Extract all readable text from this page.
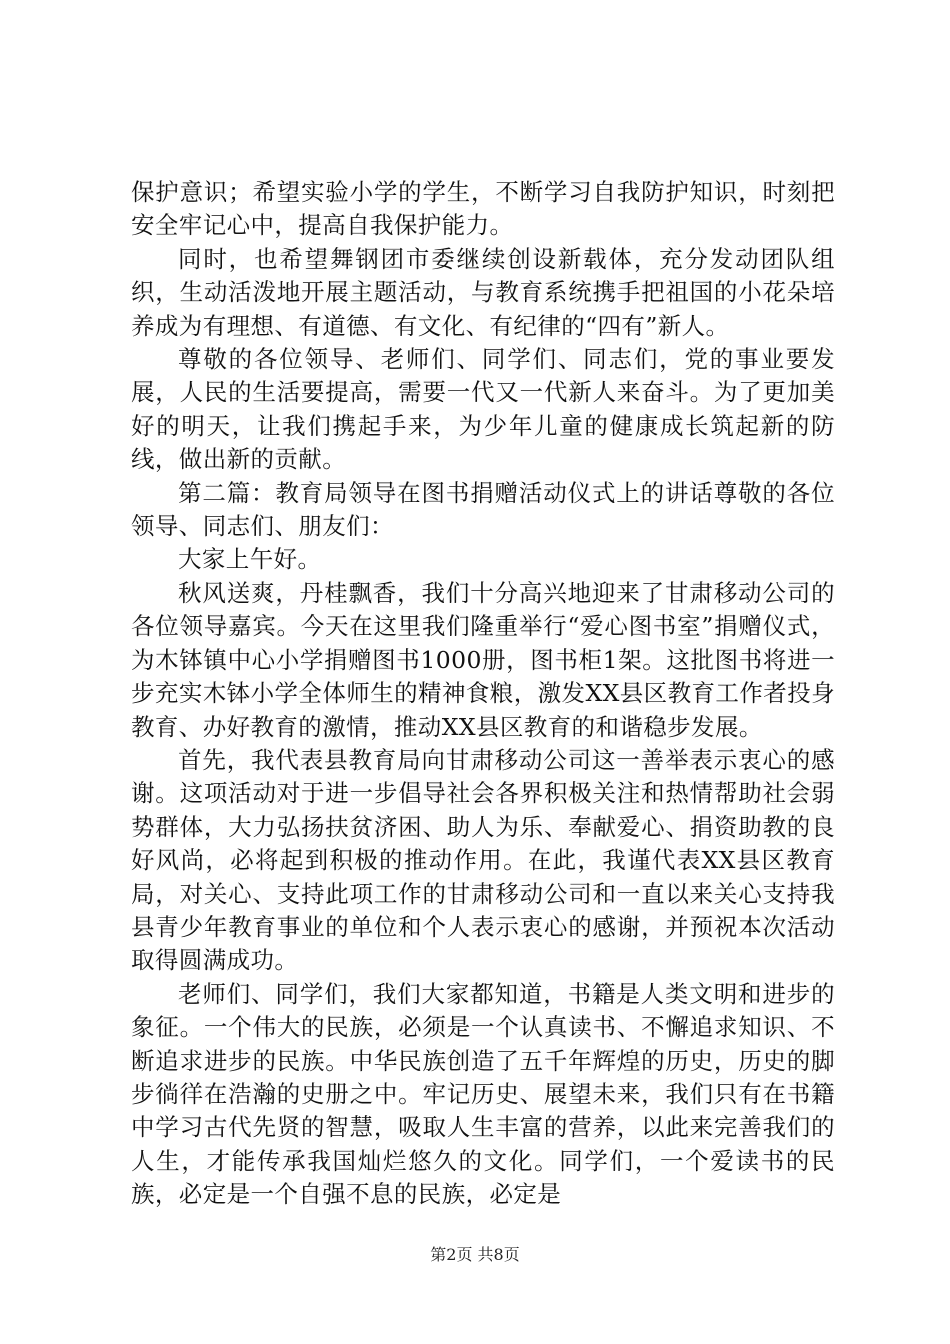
保护意识；希望实验小学的学生，不断学习自我防护知识，时刻把安全牢记心中，提高自我保护能力。

同时，也希望舞钢团市委继续创设新载体，充分发动团队组织，生动活泼地开展主题活动，与教育系统携手把祖国的小花朵培养成为有理想、有道德、有文化、有纪律的“四有”新人。

尊敬的各位领导、老师们、同学们、同志们，党的事业要发展，人民的生活要提高，需要一代又一代新人来奋斗。为了更加美好的明天，让我们携起手来，为少年儿童的健康成长筑起新的防线，做出新的贡献。

第二篇：教育局领导在图书捐赠活动仪式上的讲话尊敬的各位领导、同志们、朋友们：

大家上午好。

秋风送爽，丹桂飘香，我们十分高兴地迎来了甘肃移动公司的各位领导嘉宾。今天在这里我们隆重举行“爱心图书室”捐赠仪式，为木钵镇中心小学捐赠图书1000册，图书柜1架。这批图书将进一步充实木钵小学全体师生的精神食粮，激发XX县区教育工作者投身教育、办好教育的激情，推动XX县区教育的和谐稳步发展。

首先，我代表县教育局向甘肃移动公司这一善举表示衷心的感谢。这项活动对于进一步倡导社会各界积极关注和热情帮助社会弱势群体，大力弘扬扶贫济困、助人为乐、奉献爱心、捐资助教的良好风尚，必将起到积极的推动作用。在此，我谨代表XX县区教育局，对关心、支持此项工作的甘肃移动公司和一直以来关心支持我县青少年教育事业的单位和个人表示衷心的感谢，并预祝本次活动取得圆满成功。

老师们、同学们，我们大家都知道，书籍是人类文明和进步的象征。一个伟大的民族，必须是一个认真读书、不懈追求知识、不断追求进步的民族。中华民族创造了五千年辉煌的历史，历史的脚步徜徉在浩瀚的史册之中。牢记历史、展望未来，我们只有在书籍中学习古代先贤的智慧，吸取人生丰富的营养，以此来完善我们的人生，才能传承我国灿烂悠久的文化。同学们，一个爱读书的民族，必定是一个自强不息的民族，必定是

第2页 共8页
